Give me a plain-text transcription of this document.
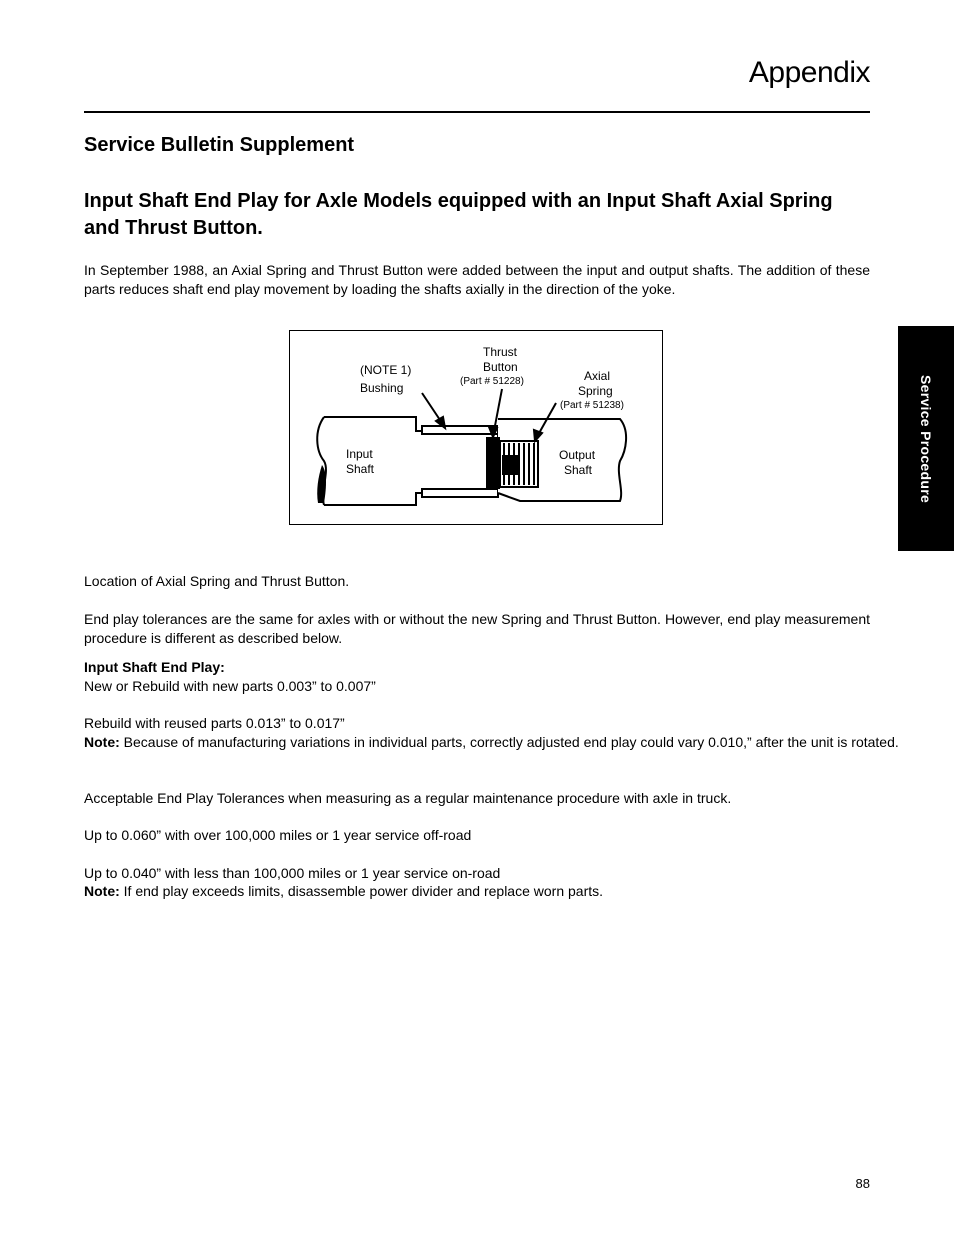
Appendix
Service Procedure
Service Bulletin Supplement
Input Shaft End Play for Axle Models equipped with an Input Shaft Axial Spring and Thrust Button.
In September 1988, an Axial Spring and Thrust Button were added between the input and output shafts. The addition of these parts reduces shaft end play movement by loading the shafts axially in the direction of the yoke.
(NOTE 1)
Bushing
Thrust
Button
(Part # 51228)	Axial
Spring
(Part # 51238)
Input
Shaft
Output
Shaft
Location of Axial Spring and Thrust Button.
End play tolerances are the same for axles with or without the new Spring and Thrust Button. However, end play measurement procedure is different as described below.
Input Shaft End Play:
New or Rebuild with new parts 0.003” to 0.007”
Rebuild with reused parts 0.013” to 0.017”
Note: Because of manufacturing variations in individual parts, correctly adjusted end play could vary 0.010,” after the unit is rotated.
Acceptable End Play Tolerances when measuring as a regular maintenance procedure with axle in truck.
Up to 0.060” with over 100,000 miles or 1 year service off-road
Up to 0.040” with less than 100,000 miles or 1 year service on-road
Note: If end play exceeds limits, disassemble power divider and replace worn parts.
88
